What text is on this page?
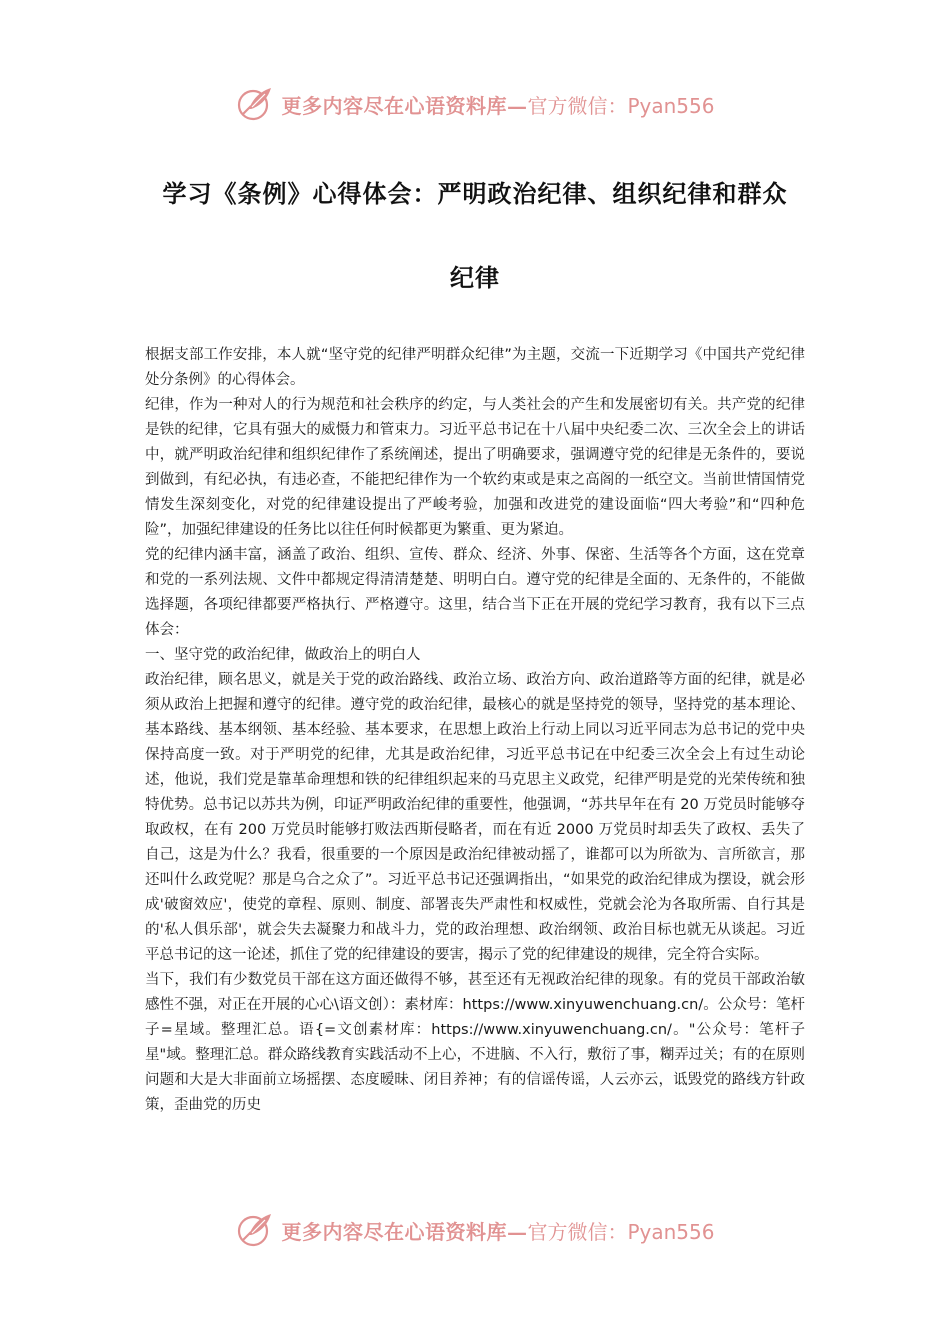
更多内容尽在心语资料库— 官方微信：Pyan556
学习《条例》心得体会：严明政治纪律、组织纪律和群众
纪律

根据支部工作安排，本人就“坚守党的纪律严明群众纪律”为主题，交流一下近期学习《中国共产党纪律处分条例》的心得体会。

纪律，作为一种对人的行为规范和社会秩序的约定，与人类社会的产生和发展密切有关。共产党的纪律是铁的纪律，它具有强大的威慑力和管束力。习近平总书记在十八届中央纪委二次、三次全会上的讲话中，就严明政治纪律和组织纪律作了系统阐述，提出了明确要求，强调遵守党的纪律是无条件的，要说到做到，有纪必执，有违必查，不能把纪律作为一个软约束或是束之高阁的一纸空文。当前世情国情党情发生深刻变化，对党的纪律建设提出了严峻考验，加强和改进党的建设面临“四大考验”和“四种危险”，加强纪律建设的任务比以往任何时候都更为繁重、更为紧迫。

党的纪律内涵丰富，涵盖了政治、组织、宣传、群众、经济、外事、保密、生活等各个方面，这在党章和党的一系列法规、文件中都规定得清清楚楚、明明白白。遵守党的纪律是全面的、无条件的，不能做选择题，各项纪律都要严格执行、严格遵守。这里，结合当下正在开展的党纪学习教育，我有以下三点体会：

一、坚守党的政治纪律，做政治上的明白人

政治纪律，顾名思义，就是关于党的政治路线、政治立场、政治方向、政治道路等方面的纪律，就是必须从政治上把握和遵守的纪律。遵守党的政治纪律，最核心的就是坚持党的领导，坚持党的基本理论、基本路线、基本纲领、基本经验、基本要求，在思想上政治上行动上同以习近平同志为总书记的党中央保持高度一致。对于严明党的纪律，尤其是政治纪律，习近平总书记在中纪委三次全会上有过生动论述，他说，我们党是靠革命理想和铁的纪律组织起来的马克思主义政党，纪律严明是党的光荣传统和独特优势。总书记以苏共为例，印证严明政治纪律的重要性，他强调，“苏共早年在有 20 万党员时能够夺取政权，在有 200 万党员时能够打败法西斯侵略者，而在有近 2000 万党员时却丢失了政权、丢失了自己，这是为什么？我看，很重要的一个原因是政治纪律被动摇了，谁都可以为所欲为、言所欲言，那还叫什么政党呢？那是乌合之众了”。习近平总书记还强调指出，“如果党的政治纪律成为摆设，就会形成'破窗效应'，使党的章程、原则、制度、部署丧失严肃性和权威性，党就会沦为各取所需、自行其是的'私人俱乐部'，就会失去凝聚力和战斗力，党的政治理想、政治纲领、政治目标也就无从谈起。习近平总书记的这一论述，抓住了党的纪律建设的要害，揭示了党的纪律建设的规律，完全符合实际。

当下，我们有少数党员干部在这方面还做得不够，甚至还有无视政治纪律的现象。有的党员干部政治敏感性不强，对正在开展的心心\语文创）：素材库：https://www.xinyuwenchuang.cn/。公众号：笔杆子=星域。整理汇总。语{=文创素材库：https://www.xinyuwenchuang.cn/。"公众号：笔杆子星"域。整理汇总。群众路线教育实践活动不上心，不进脑、不入行，敷衍了事，糊弄过关；有的在原则问题和大是大非面前立场摇摆、态度暧昧、闭目养神；有的信谣传谣，人云亦云，诋毁党的路线方针政策，歪曲党的历史

更多内容尽在心语资料库— 官方微信：Pyan556
